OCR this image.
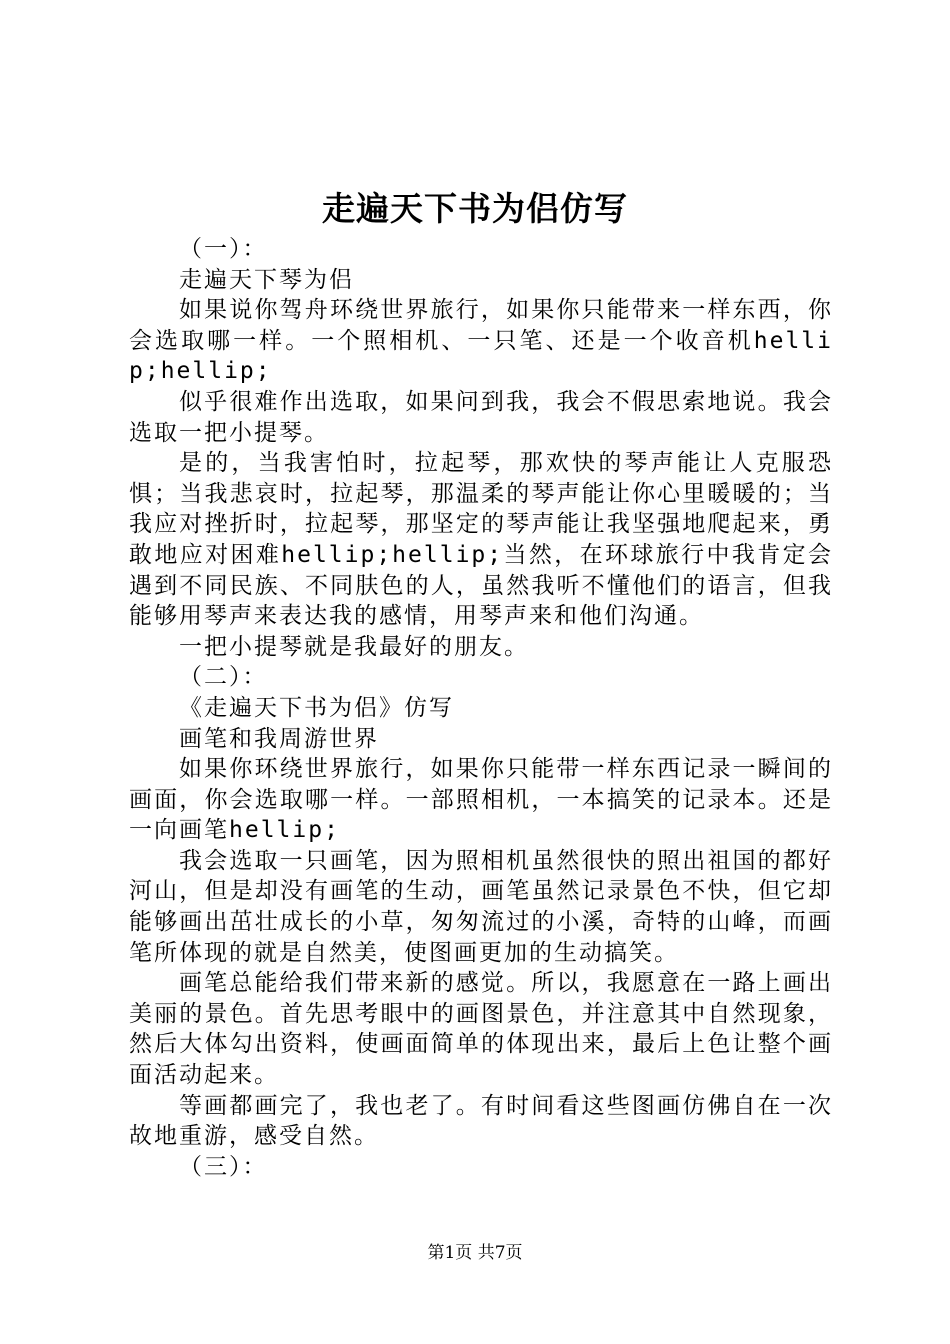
走遍天下书为侣仿写

（一）：

走遍天下琴为侣

如果说你驾舟环绕世界旅行，如果你只能带来一样东西，你会选取哪一样。一个照相机、一只笔、还是一个收音机hellip;hellip;

似乎很难作出选取，如果问到我，我会不假思索地说。我会选取一把小提琴。

是的，当我害怕时，拉起琴，那欢快的琴声能让人克服恐惧；当我悲哀时，拉起琴，那温柔的琴声能让你心里暖暖的；当我应对挫折时，拉起琴，那坚定的琴声能让我坚强地爬起来，勇敢地应对困难hellip;hellip;当然，在环球旅行中我肯定会遇到不同民族、不同肤色的人，虽然我听不懂他们的语言，但我能够用琴声来表达我的感情，用琴声来和他们沟通。

一把小提琴就是我最好的朋友。

（二）：

《走遍天下书为侣》仿写

画笔和我周游世界

如果你环绕世界旅行，如果你只能带一样东西记录一瞬间的画面，你会选取哪一样。一部照相机，一本搞笑的记录本。还是一向画笔hellip;

我会选取一只画笔，因为照相机虽然很快的照出祖国的都好河山，但是却没有画笔的生动，画笔虽然记录景色不快，但它却能够画出茁壮成长的小草，匆匆流过的小溪，奇特的山峰，而画笔所体现的就是自然美，使图画更加的生动搞笑。

画笔总能给我们带来新的感觉。所以，我愿意在一路上画出美丽的景色。首先思考眼中的画图景色，并注意其中自然现象，然后大体勾出资料，使画面简单的体现出来，最后上色让整个画面活动起来。

等画都画完了，我也老了。有时间看这些图画仿佛自在一次故地重游，感受自然。

（三）：

第1页 共7页
